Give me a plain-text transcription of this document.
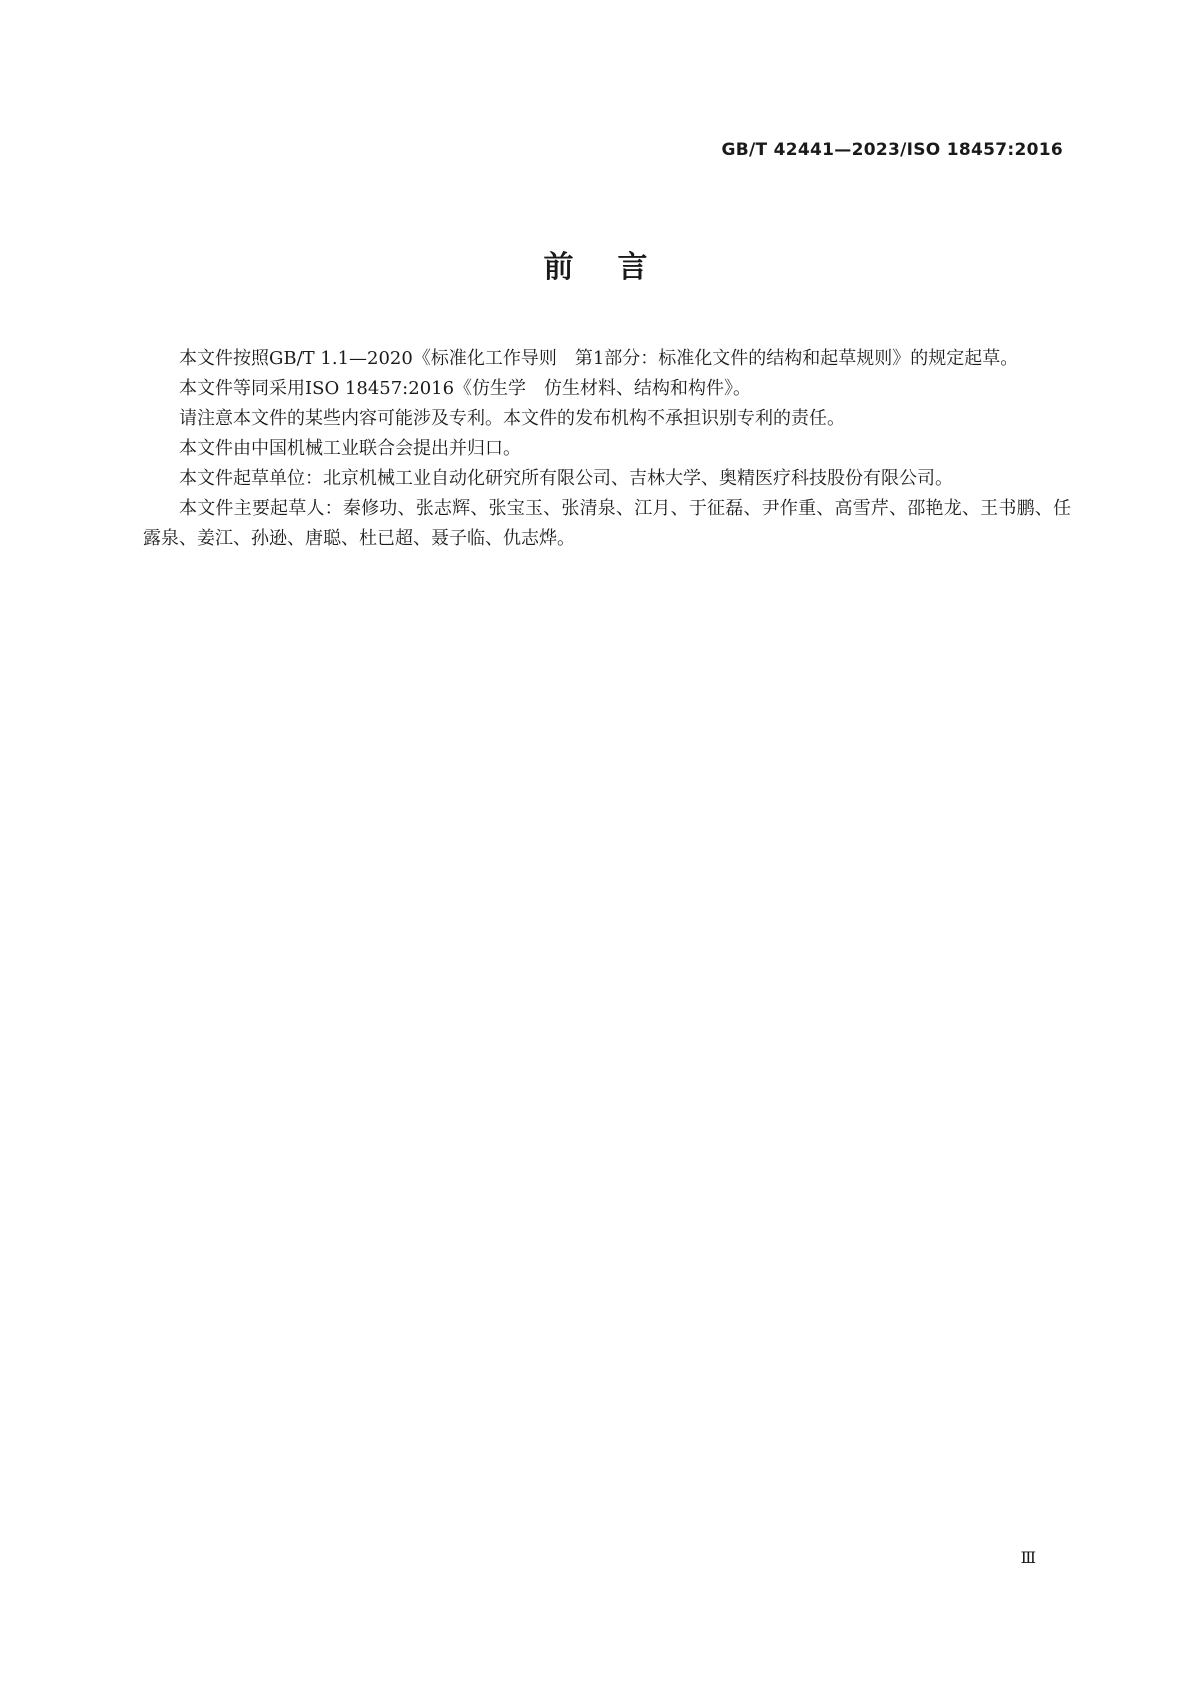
GB/T 42441—2023/ISO 18457:2016
前言

本文件按照GB/T 1.1—2020《标准化工作导则　第1部分：标准化文件的结构和起草规则》的规定起草。

本文件等同采用ISO 18457:2016《仿生学　仿生材料、结构和构件》。

请注意本文件的某些内容可能涉及专利。本文件的发布机构不承担识别专利的责任。

本文件由中国机械工业联合会提出并归口。

本文件起草单位：北京机械工业自动化研究所有限公司、吉林大学、奥精医疗科技股份有限公司。

本文件主要起草人：秦修功、张志辉、张宝玉、张清泉、江月、于征磊、尹作重、高雪芹、邵艳龙、王书鹏、任露泉、姜江、孙逊、唐聪、杜已超、聂子临、仇志烨。

Ⅲ
